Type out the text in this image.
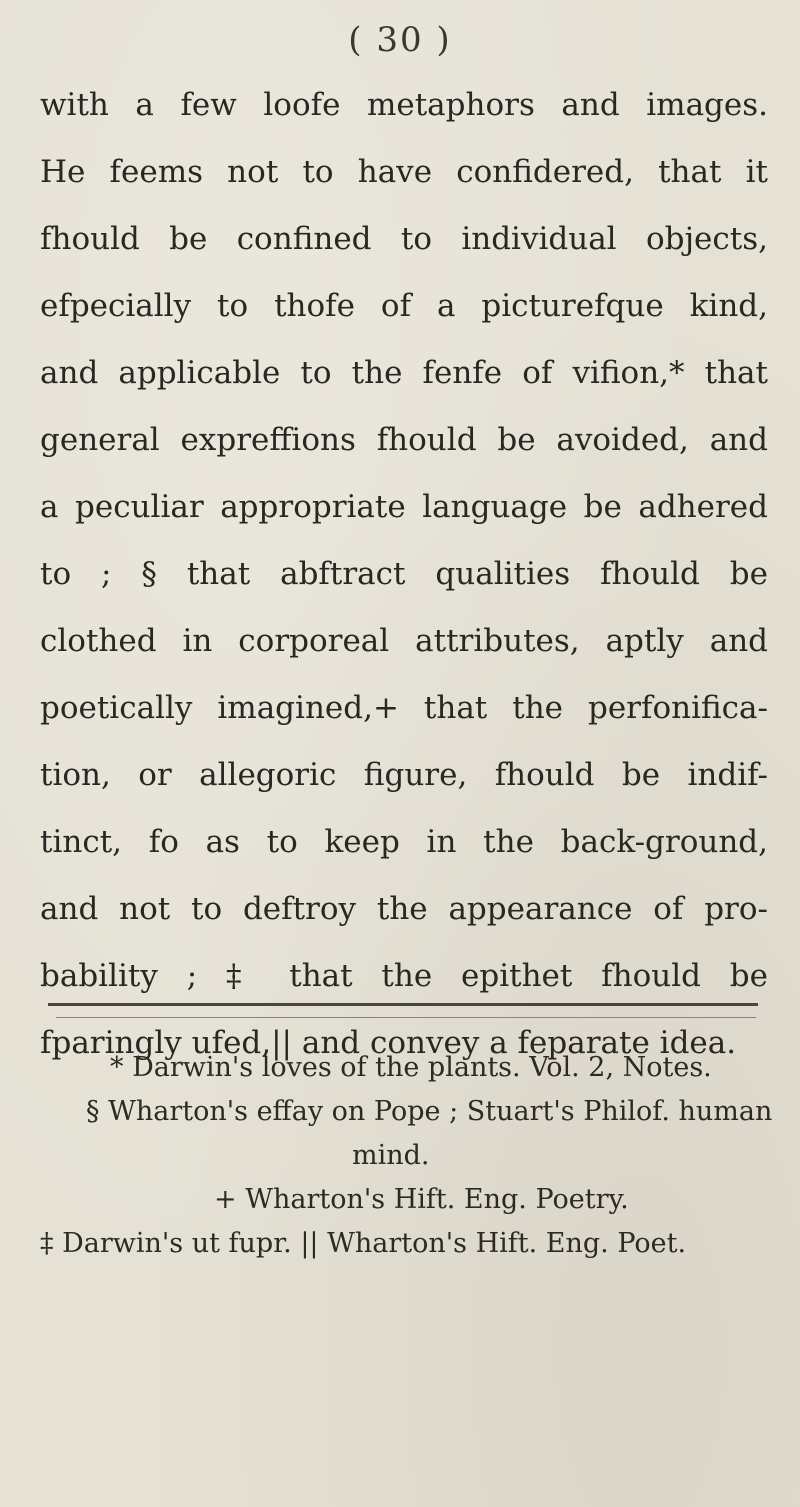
( 30 )
with a few loofe metaphors and images.
He feems not to have confidered, that it
fhould be confined to individual objects,
efpecially to thofe of a picturefque kind,
and applicable to the fenfe of vifion,* that
general expreffions fhould be avoided, and
a peculiar appropriate language be adhered
to ; § that abftract qualities fhould be
clothed in corporeal attributes, aptly and
poetically imagined,+ that the perfonifica-
tion, or allegoric figure, fhould be indif-
tinct, fo as to keep in the back-ground,
and not to deftroy the appearance of pro-
bability ; ‡ that the epithet fhould be
fparingly ufed,|| and convey a feparate idea.
* Darwin's loves of the plants. Vol. 2, Notes.
§ Wharton's effay on Pope ; Stuart's Philof. human
mind.
+ Wharton's Hift. Eng. Poetry.
‡ Darwin's ut fupr. || Wharton's Hift. Eng. Poet.
